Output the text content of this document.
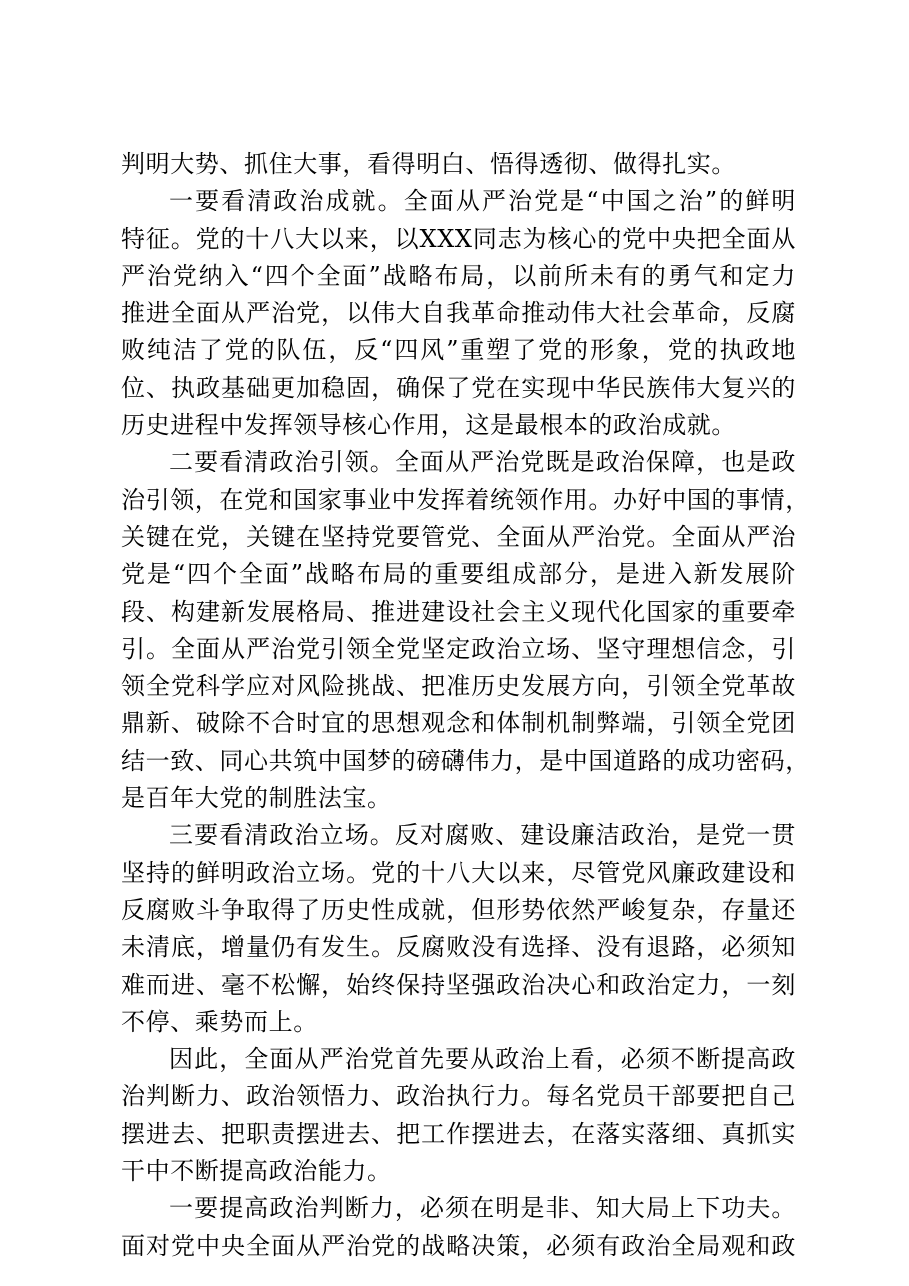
判明大势、抓住大事，看得明白、悟得透彻、做得扎实。

一要看清政治成就。全面从严治党是“中国之治”的鲜明
特征。党的十八大以来，以XXX同志为核心的党中央把全面从
严治党纳入“四个全面”战略布局，以前所未有的勇气和定力
推进全面从严治党，以伟大自我革命推动伟大社会革命，反腐
败纯洁了党的队伍，反“四风”重塑了党的形象，党的执政地
位、执政基础更加稳固，确保了党在实现中华民族伟大复兴的
历史进程中发挥领导核心作用，这是最根本的政治成就。

二要看清政治引领。全面从严治党既是政治保障，也是政
治引领，在党和国家事业中发挥着统领作用。办好中国的事情，
关键在党，关键在坚持党要管党、全面从严治党。全面从严治
党是“四个全面”战略布局的重要组成部分，是进入新发展阶
段、构建新发展格局、推进建设社会主义现代化国家的重要牵
引。全面从严治党引领全党坚定政治立场、坚守理想信念，引
领全党科学应对风险挑战、把准历史发展方向，引领全党革故
鼎新、破除不合时宜的思想观念和体制机制弊端，引领全党团
结一致、同心共筑中国梦的磅礴伟力，是中国道路的成功密码，
是百年大党的制胜法宝。

三要看清政治立场。反对腐败、建设廉洁政治，是党一贯
坚持的鲜明政治立场。党的十八大以来，尽管党风廉政建设和
反腐败斗争取得了历史性成就，但形势依然严峻复杂，存量还
未清底，增量仍有发生。反腐败没有选择、没有退路，必须知
难而进、毫不松懈，始终保持坚强政治决心和政治定力，一刻
不停、乘势而上。

因此，全面从严治党首先要从政治上看，必须不断提高政
治判断力、政治领悟力、政治执行力。每名党员干部要把自己
摆进去、把职责摆进去、把工作摆进去，在落实落细、真抓实
干中不断提高政治能力。

一要提高政治判断力，必须在明是非、知大局上下功夫。
面对党中央全面从严治党的战略决策，必须有政治全局观和政
